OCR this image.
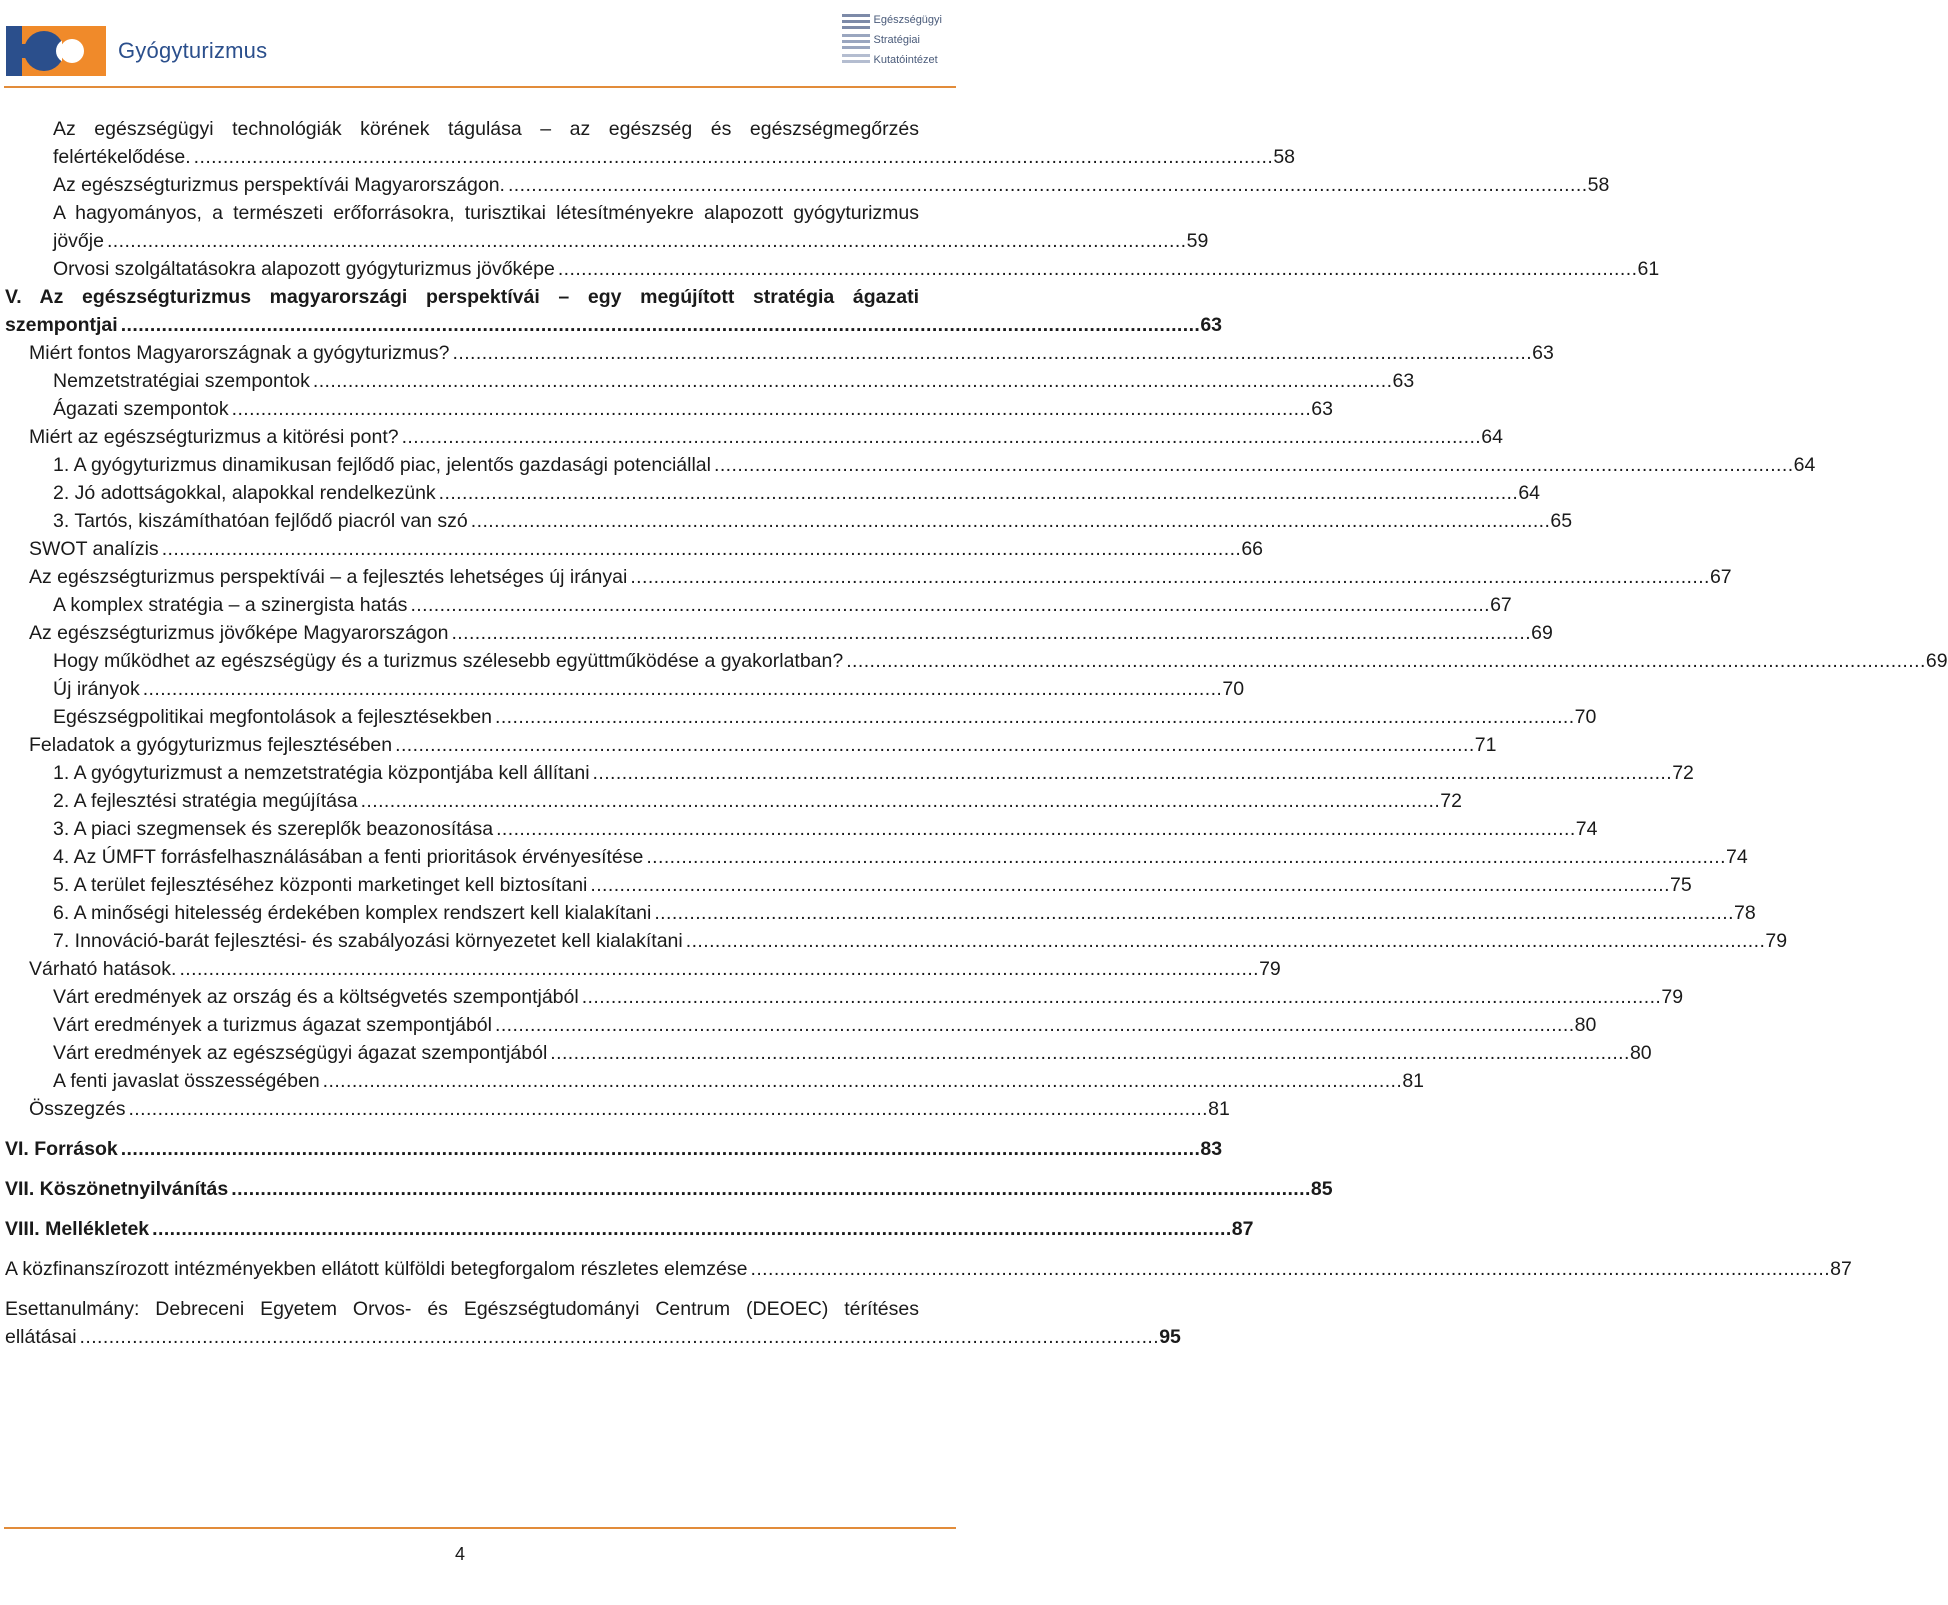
Gyógyturizmus
Egészségügyi
Stratégiai
Kutatóintézet
Az egészségügyi technológiák körének tágulása – az egészség és egészségmegőrzés
felértékelődése. . . .	58
Az egészségturizmus perspektívái Magyarországon. . . .	58
A hagyományos, a természeti erőforrásokra, turisztikai létesítményekre alapozott gyógyturizmus
jövője . . .	59
Orvosi szolgáltatásokra alapozott gyógyturizmus jövőképe . . .	61
V. Az egészségturizmus magyarországi perspektívái – egy megújított stratégia ágazati
szempontjai . . .	63
Miért fontos Magyarországnak a gyógyturizmus? . . .	63
Nemzetstratégiai szempontok . . .	63
Ágazati szempontok . . .	63
Miért az egészségturizmus a kitörési pont? . . .	64
1. A gyógyturizmus dinamikusan fejlődő piac, jelentős gazdasági potenciállal . . .	64
2. Jó adottságokkal, alapokkal rendelkezünk . . .	64
3. Tartós, kiszámíthatóan fejlődő piacról van szó . . .	65
SWOT analízis . . .	66
Az egészségturizmus perspektívái – a fejlesztés lehetséges új irányai . . .	67
A komplex stratégia – a szinergista hatás . . .	67
Az egészségturizmus jövőképe Magyarországon . . .	69
Hogy működhet az egészségügy és a turizmus szélesebb együttműködése a gyakorlatban? . . .	69
Új irányok . . .	70
Egészségpolitikai megfontolások a fejlesztésekben . . .	70
Feladatok a gyógyturizmus fejlesztésében . . .	71
1. A gyógyturizmust a nemzetstratégia központjába kell állítani . . .	72
2. A fejlesztési stratégia megújítása . . .	72
3. A piaci szegmensek és szereplők beazonosítása . . .	74
4. Az ÚMFT forrásfelhasználásában a fenti prioritások érvényesítése . . .	74
5. A terület fejlesztéséhez központi marketinget kell biztosítani . . .	75
6. A minőségi hitelesség érdekében komplex rendszert kell kialakítani . . .	78
7. Innováció-barát fejlesztési- és szabályozási környezetet kell kialakítani . . .	79
Várható hatások. . . .	79
Várt eredmények az ország és a költségvetés szempontjából . . .	79
Várt eredmények a turizmus ágazat szempontjából . . .	80
Várt eredmények az egészségügyi ágazat szempontjából . . .	80
A fenti javaslat összességében . . .	81
Összegzés . . .	81
VI. Források . . .	83
VII. Köszönetnyilvánítás . . .	85
VIII. Mellékletek . . .	87
A közfinanszírozott intézményekben ellátott külföldi betegforgalom részletes elemzése . . .	87
Esettanulmány: Debreceni Egyetem Orvos- és Egészségtudományi Centrum (DEOEC) térítéses
ellátásai . . .	95
4
